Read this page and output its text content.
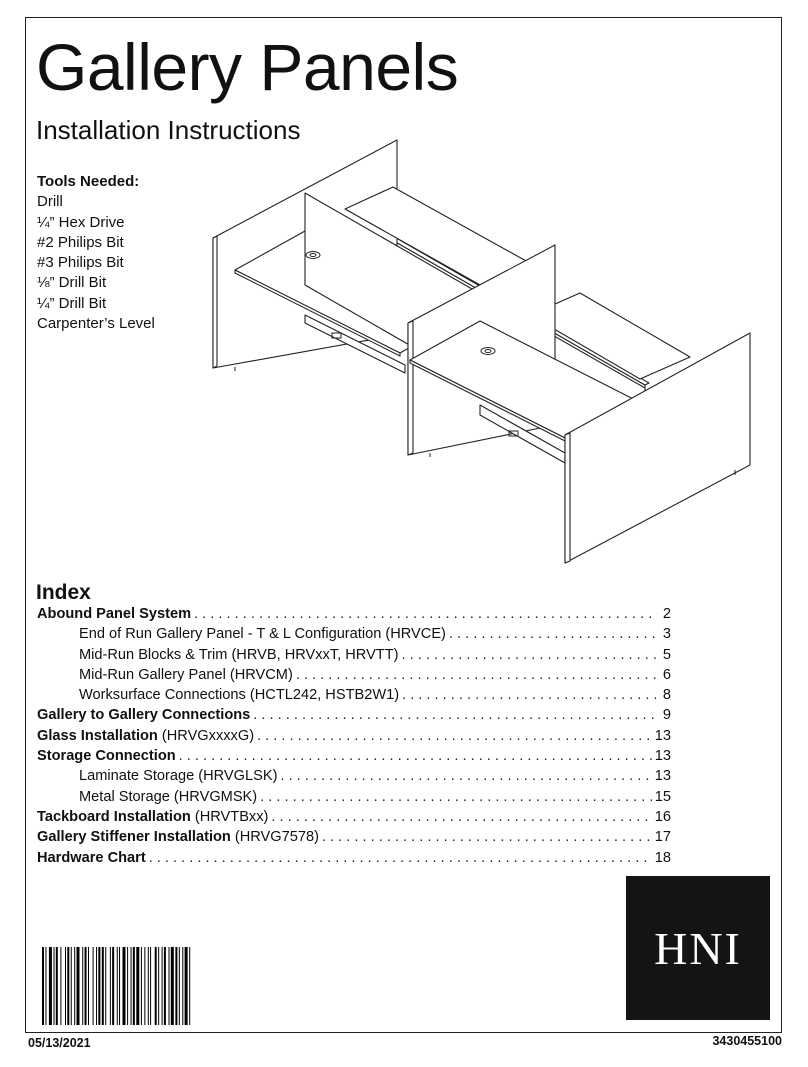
Gallery Panels
Installation Instructions
Tools Needed:
Drill
¼” Hex Drive
#2 Philips Bit
#3 Philips Bit
⅛” Drill Bit
¼” Drill Bit
Carpenter’s Level
Index
Abound Panel System . . .	2
End of Run Gallery Panel - T & L Configuration (HRVCE) . . .	3
Mid-Run Blocks & Trim (HRVB, HRVxxT, HRVTT) . . .	5
Mid-Run Gallery Panel (HRVCM) . . .	6
Worksurface Connections (HCTL242, HSTB2W1) . . .	8
Gallery to Gallery Connections . . .	9
Glass Installation (HRVGxxxxG) . . .	13
Storage Connection . . .	13
Laminate Storage (HRVGLSK) . . .	13
Metal Storage (HRVGMSK) . . .	15
Tackboard Installation (HRVTBxx) . . .	16
Gallery Stiffener Installation (HRVG7578) . . .	17
Hardware Chart . . .	18
HNI
05/13/2021	3430455100
